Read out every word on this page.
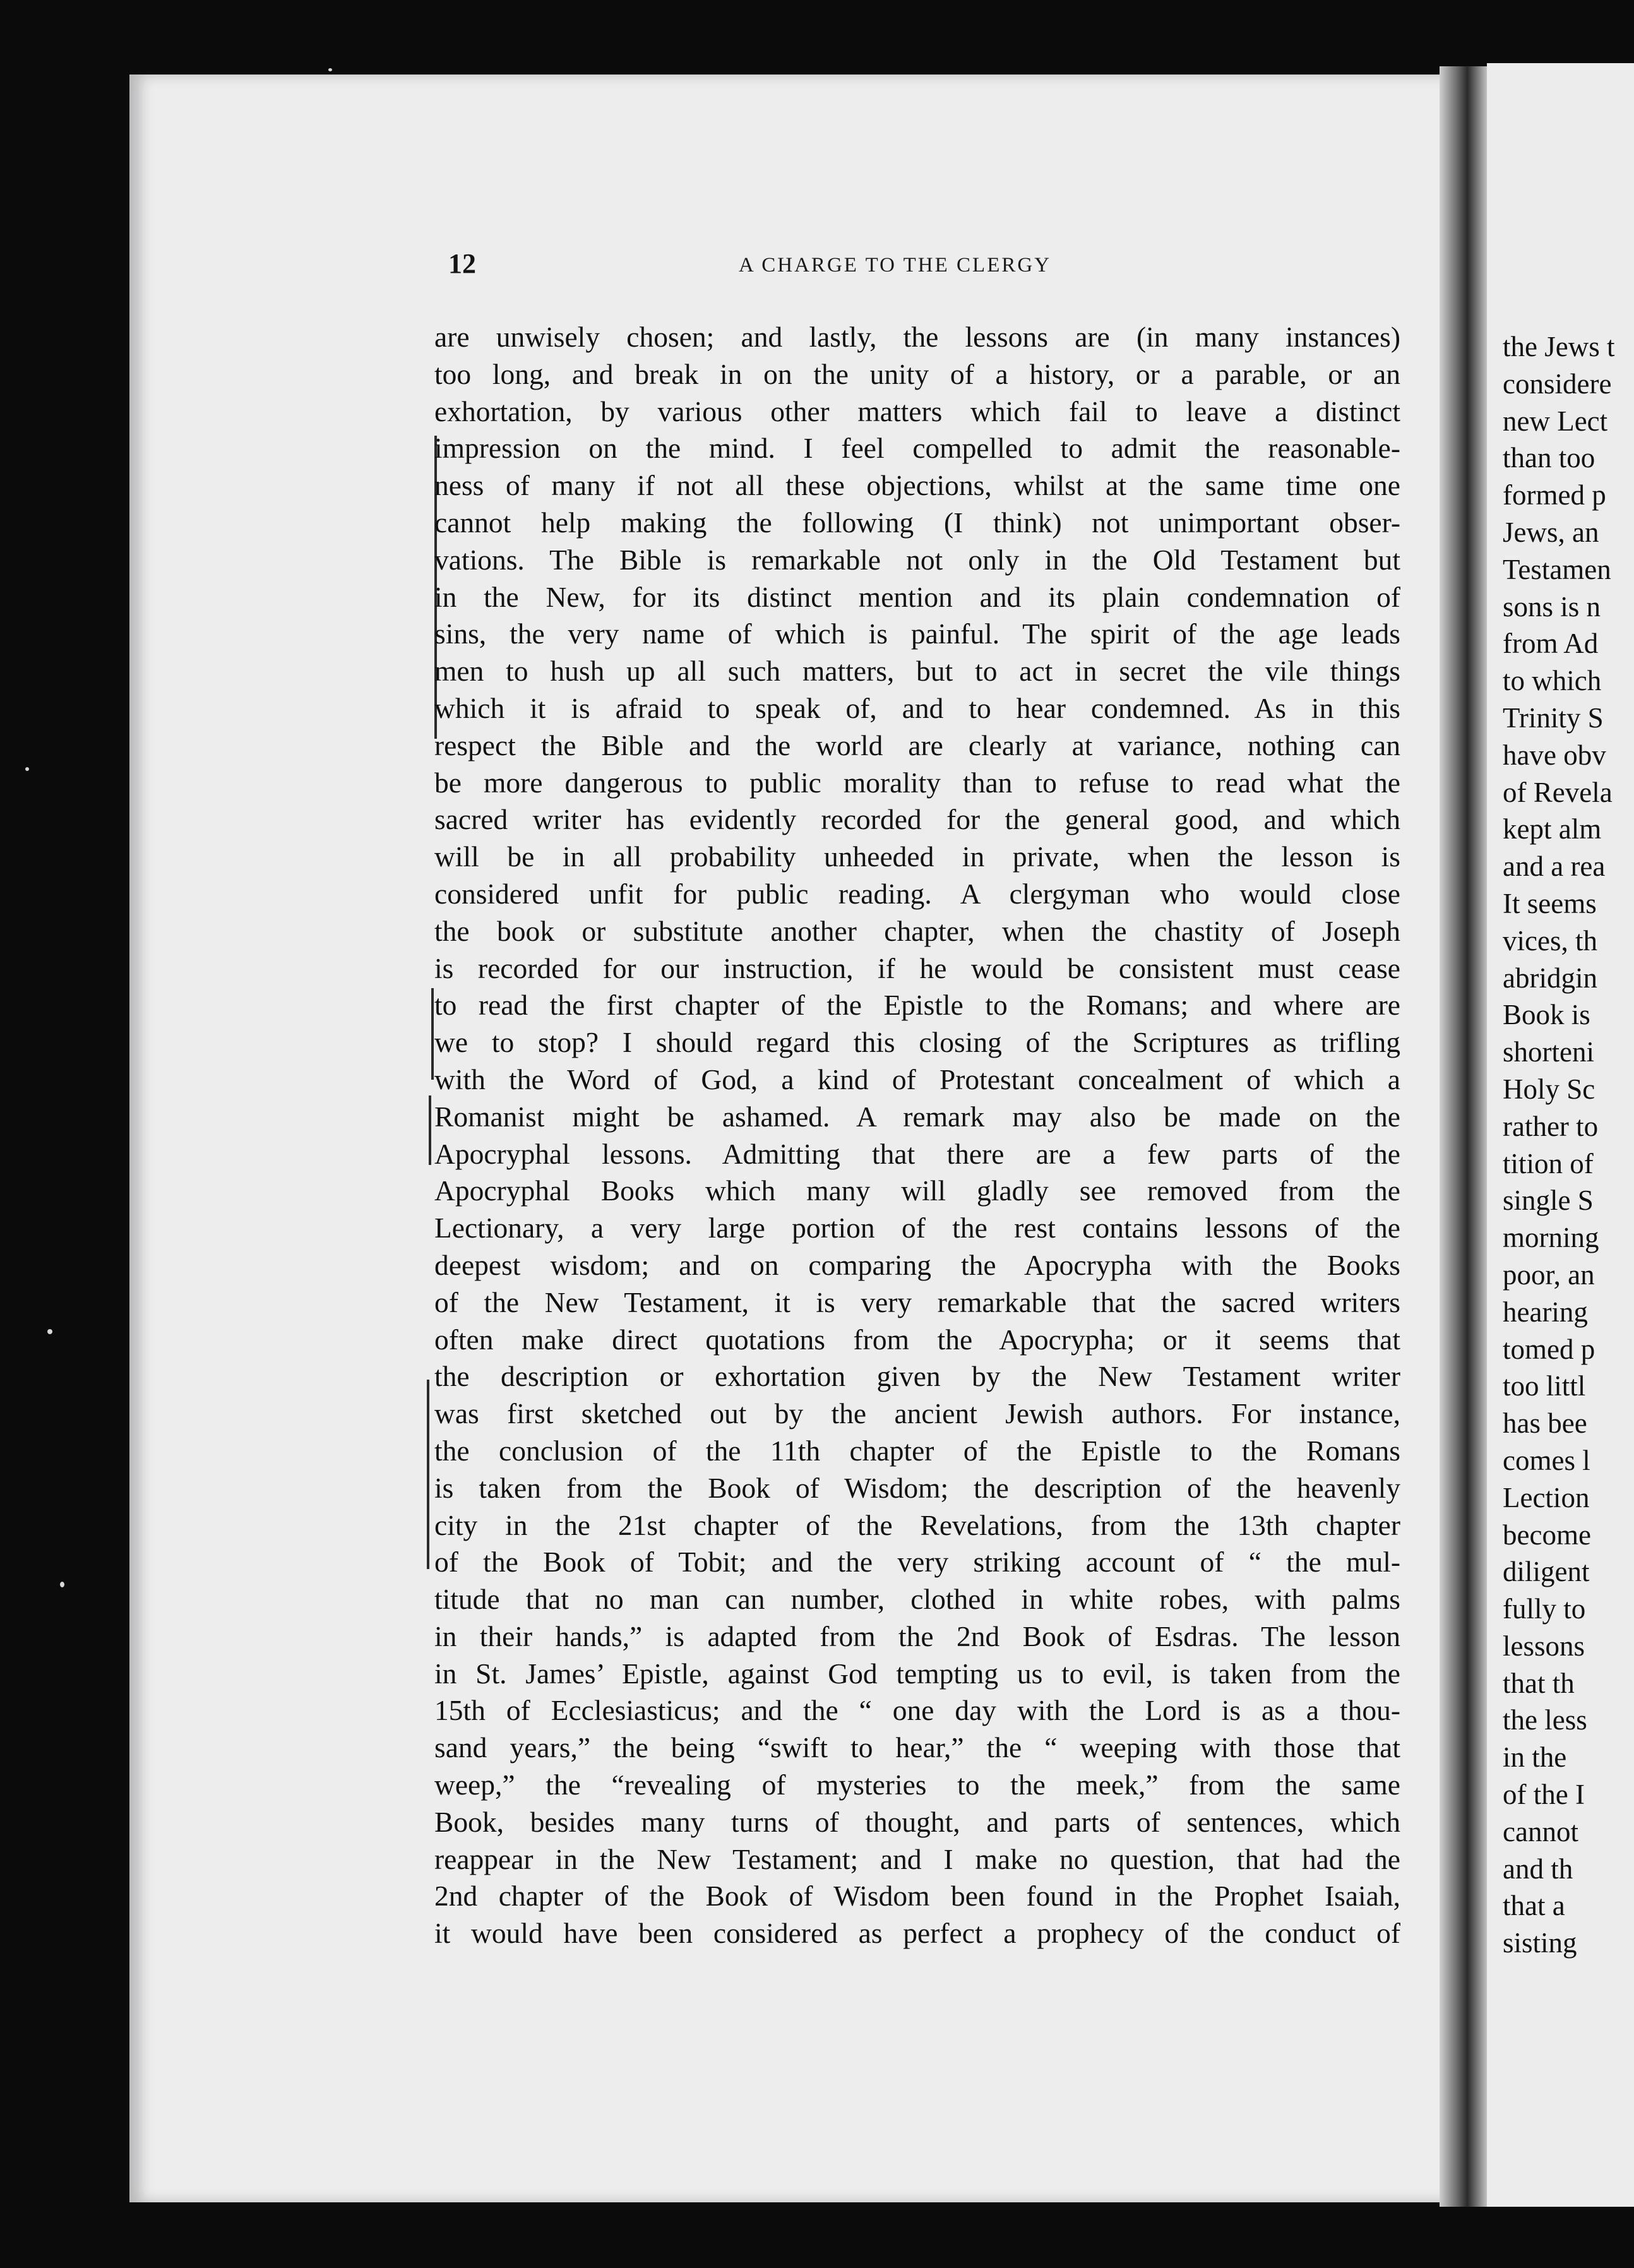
12	A CHARGE TO THE CLERGY
are unwisely chosen; and lastly, the lessons are (in many instances)
too long, and break in on the unity of a history, or a parable, or an
exhortation, by various other matters which fail to leave a distinct
impression on the mind. I feel compelled to admit the reasonable-
ness of many if not all these objections, whilst at the same time one
cannot help making the following (I think) not unimportant obser-
vations. The Bible is remarkable not only in the Old Testament but
in the New, for its distinct mention and its plain condemnation of
sins, the very name of which is painful. The spirit of the age leads
men to hush up all such matters, but to act in secret the vile things
which it is afraid to speak of, and to hear condemned. As in this
respect the Bible and the world are clearly at variance, nothing can
be more dangerous to public morality than to refuse to read what the
sacred writer has evidently recorded for the general good, and which
will be in all probability unheeded in private, when the lesson is
considered unfit for public reading. A clergyman who would close
the book or substitute another chapter, when the chastity of Joseph
is recorded for our instruction, if he would be consistent must cease
to read the first chapter of the Epistle to the Romans; and where are
we to stop? I should regard this closing of the Scriptures as trifling
with the Word of God, a kind of Protestant concealment of which a
Romanist might be ashamed. A remark may also be made on the
Apocryphal lessons. Admitting that there are a few parts of the
Apocryphal Books which many will gladly see removed from the
Lectionary, a very large portion of the rest contains lessons of the
deepest wisdom; and on comparing the Apocrypha with the Books
of the New Testament, it is very remarkable that the sacred writers
often make direct quotations from the Apocrypha; or it seems that
the description or exhortation given by the New Testament writer
was first sketched out by the ancient Jewish authors. For instance,
the conclusion of the 11th chapter of the Epistle to the Romans
is taken from the Book of Wisdom; the description of the heavenly
city in the 21st chapter of the Revelations, from the 13th chapter
of the Book of Tobit; and the very striking account of “ the mul-
titude that no man can number, clothed in white robes, with palms
in their hands,” is adapted from the 2nd Book of Esdras. The lesson
in St. James’ Epistle, against God tempting us to evil, is taken from the
15th of Ecclesiasticus; and the “ one day with the Lord is as a thou-
sand years,” the being “swift to hear,” the “ weeping with those that
weep,” the “revealing of mysteries to the meek,” from the same
Book, besides many turns of thought, and parts of sentences, which
reappear in the New Testament; and I make no question, that had the
2nd chapter of the Book of Wisdom been found in the Prophet Isaiah,
it would have been considered as perfect a prophecy of the conduct of
the Jews t
considere
new Lect
than too
formed p
Jews, an
Testamen
sons is n
from Ad
to which
Trinity S
have obv
of Revela
kept alm
and a rea
It seems
vices, th
abridgin
Book is
shorteni
Holy Sc
rather to
tition of
single S
morning
poor, an
hearing
tomed p
too littl
has bee
comes l
Lection
become
diligent
fully to
lessons
that th
the less
in the
of the I
cannot
and th
that a
sisting
